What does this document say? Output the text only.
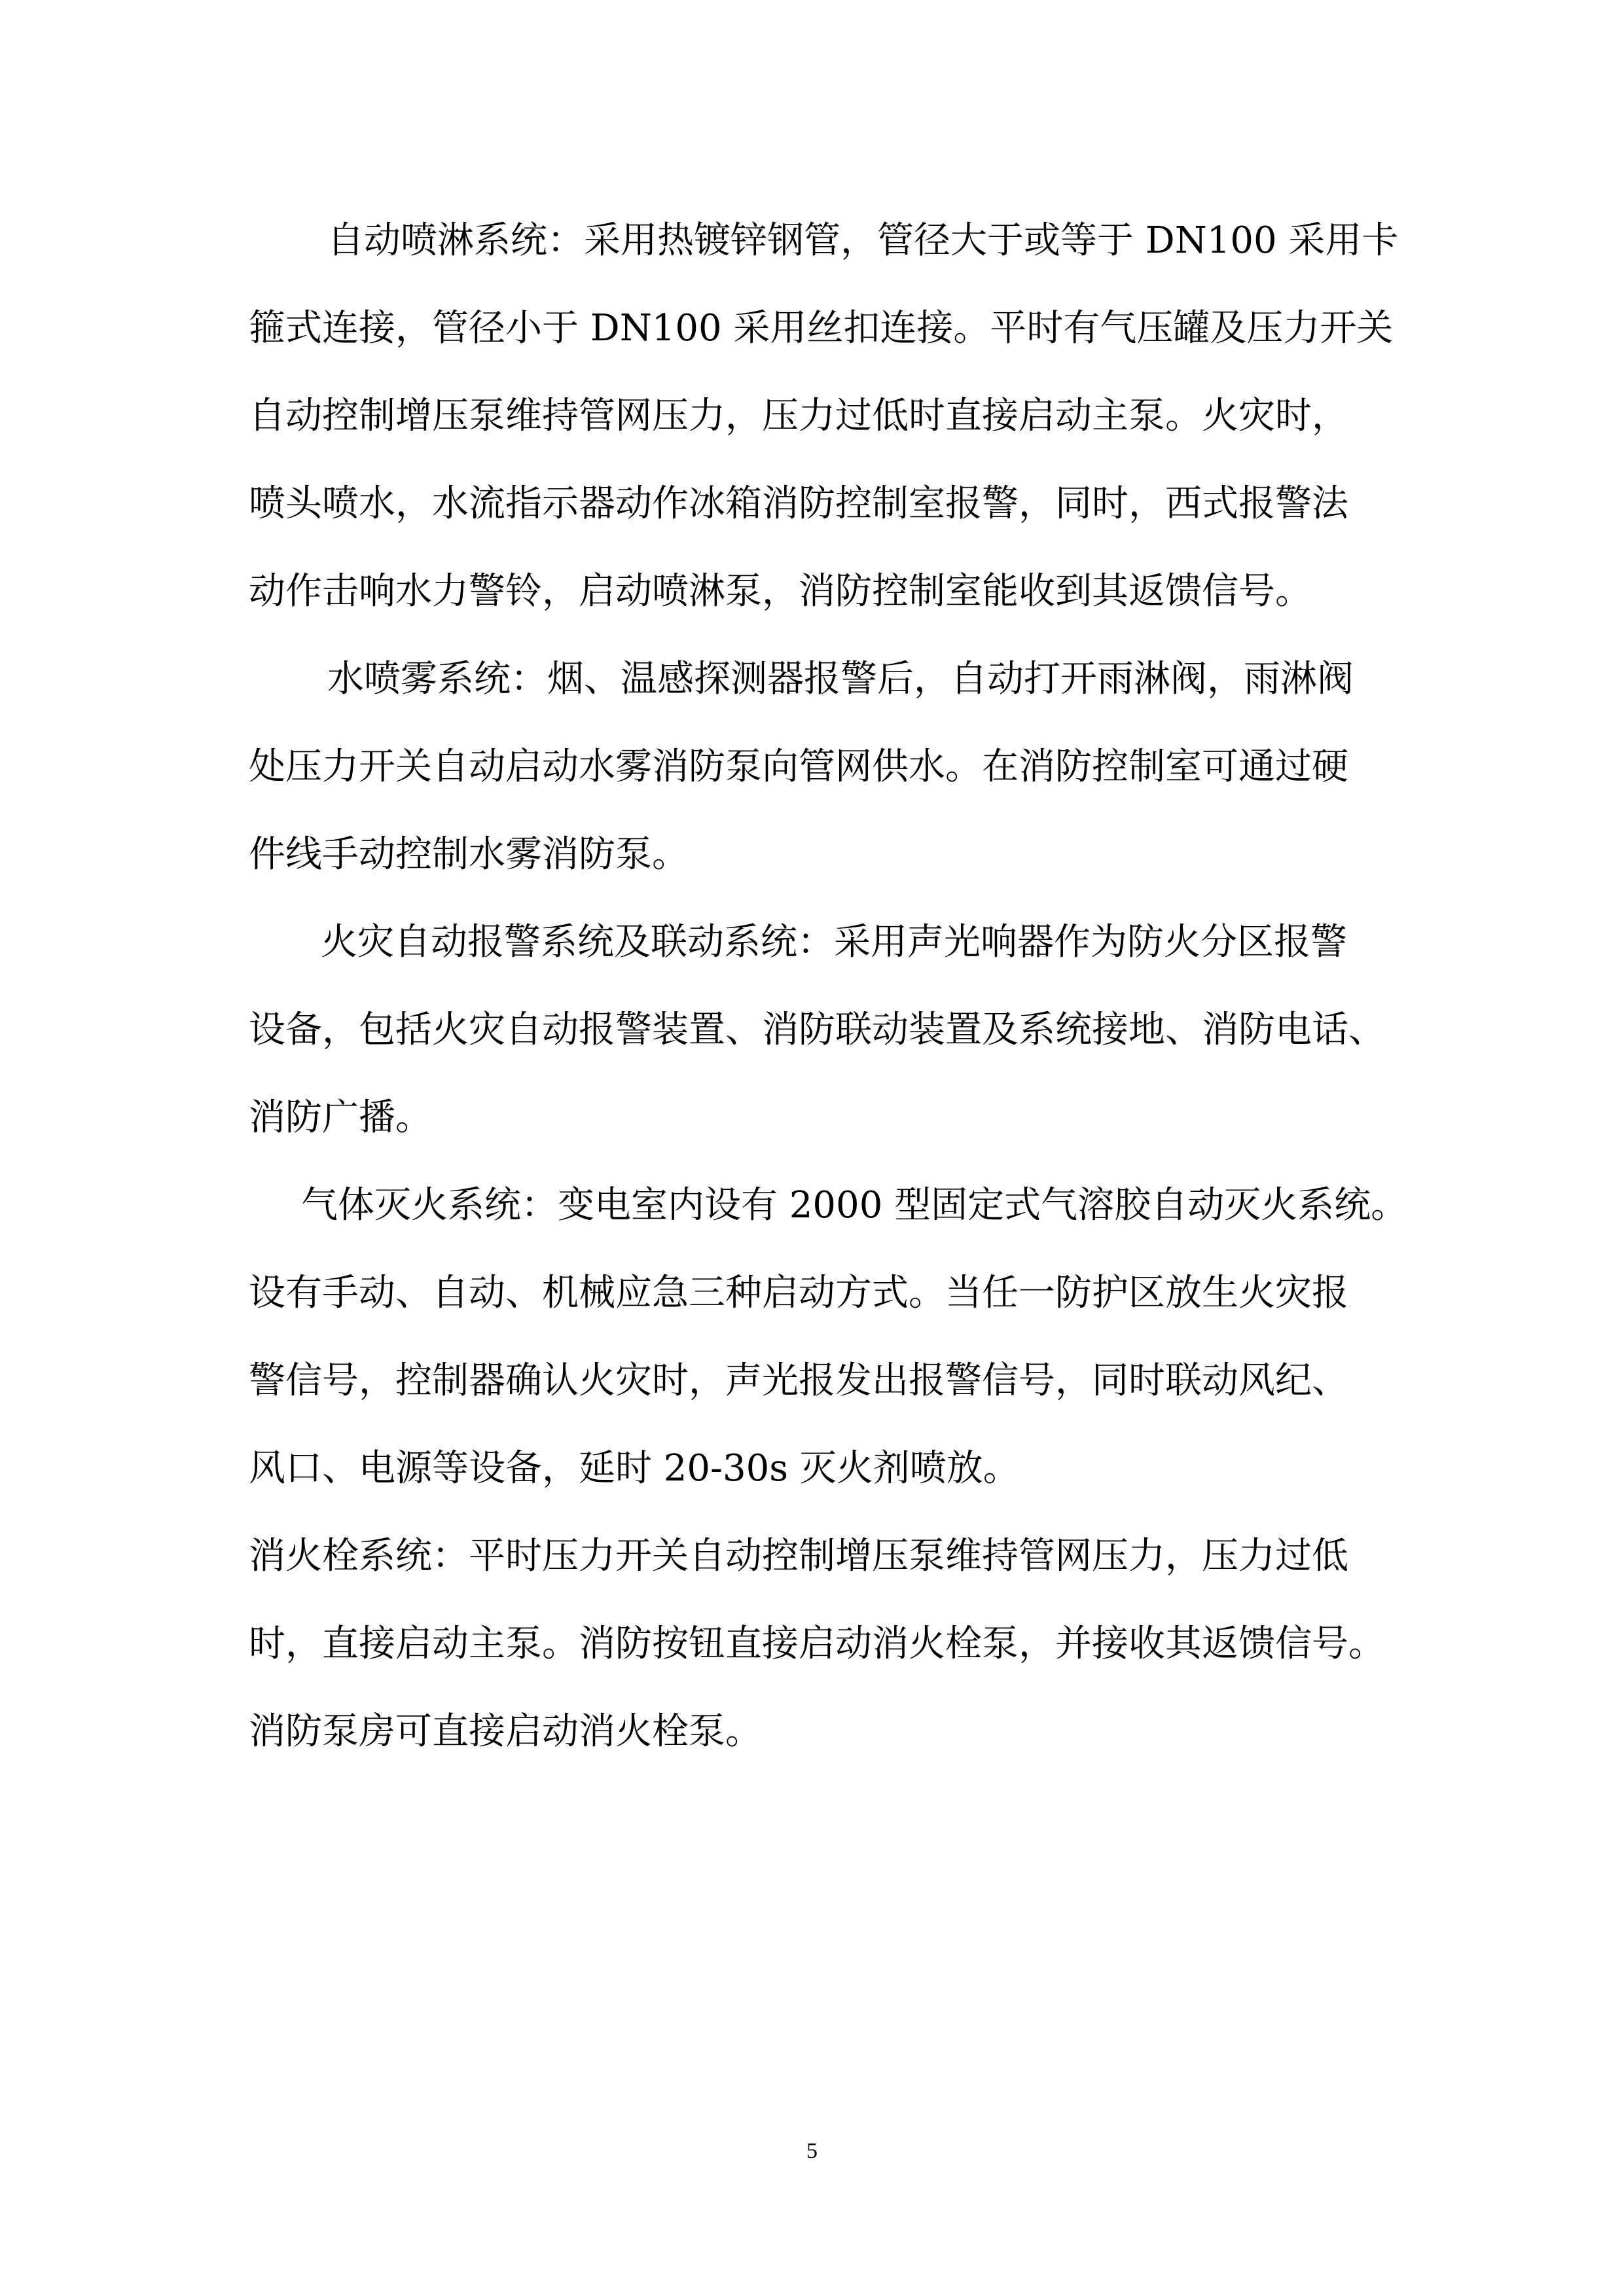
自动喷淋系统：采用热镀锌钢管，管径大于或等于 DN100 采用卡
箍式连接，管径小于 DN100 采用丝扣连接。平时有气压罐及压力开关
自动控制增压泵维持管网压力，压力过低时直接启动主泵。火灾时，
喷头喷水，水流指示器动作冰箱消防控制室报警，同时，西式报警法
动作击响水力警铃，启动喷淋泵，消防控制室能收到其返馈信号。
水喷雾系统：烟、温感探测器报警后，自动打开雨淋阀，雨淋阀
处压力开关自动启动水雾消防泵向管网供水。在消防控制室可通过硬
件线手动控制水雾消防泵。
火灾自动报警系统及联动系统：采用声光响器作为防火分区报警
设备，包括火灾自动报警装置、消防联动装置及系统接地、消防电话、
消防广播。
气体灭火系统：变电室内设有 2000 型固定式气溶胶自动灭火系统。
设有手动、自动、机械应急三种启动方式。当任一防护区放生火灾报
警信号，控制器确认火灾时，声光报发出报警信号，同时联动风纪、
风口、电源等设备，延时 20-30s 灭火剂喷放。
消火栓系统：平时压力开关自动控制增压泵维持管网压力，压力过低
时，直接启动主泵。消防按钮直接启动消火栓泵，并接收其返馈信号。
消防泵房可直接启动消火栓泵。
5
